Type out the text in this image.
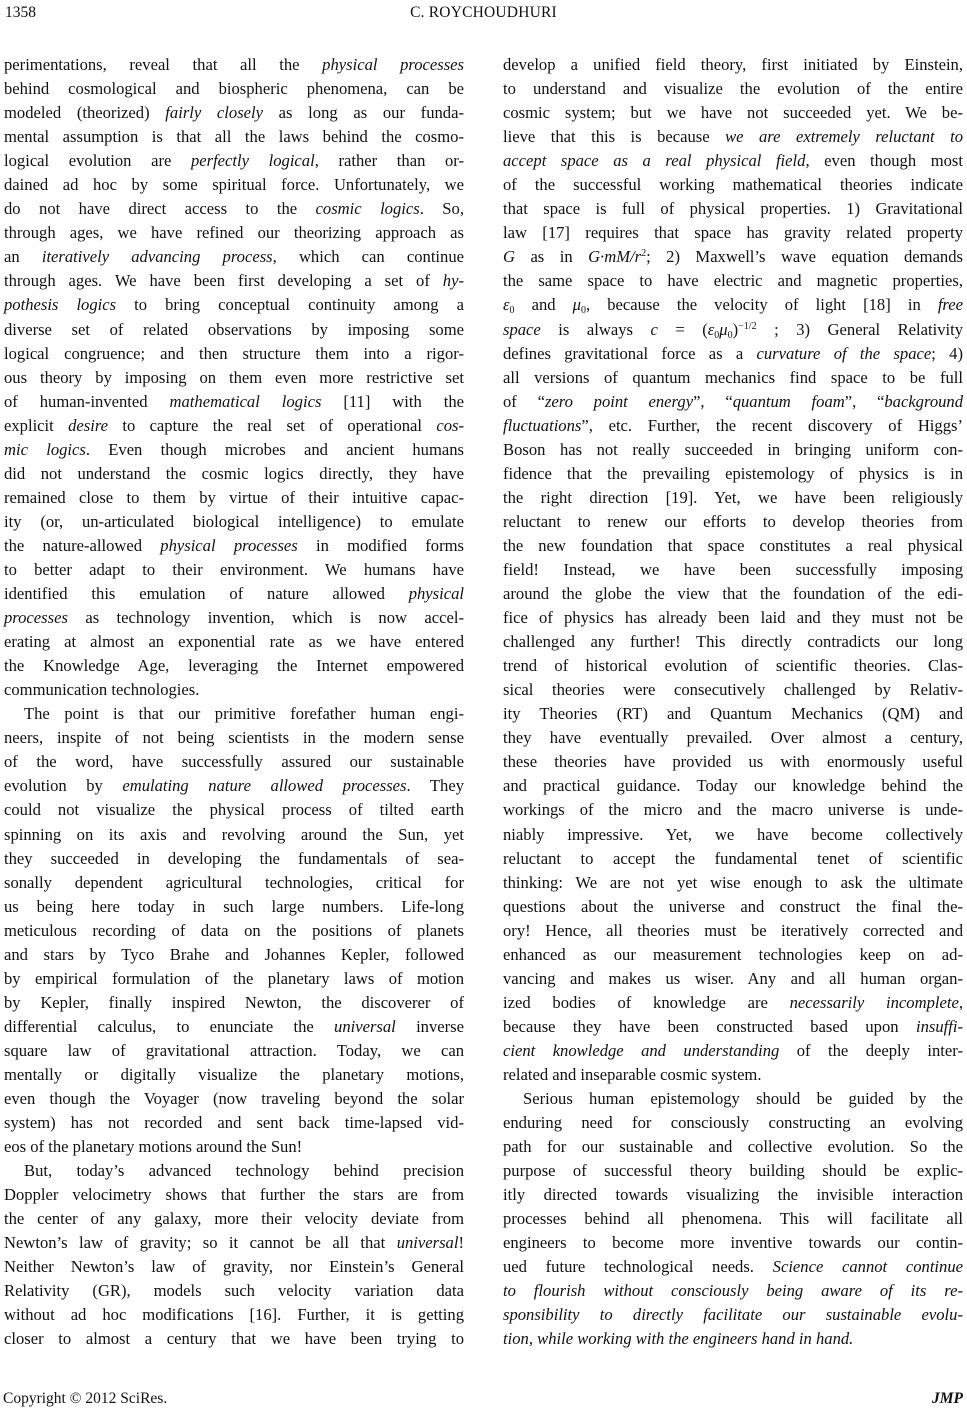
1358	C. ROYCHOUDHURI
perimentations, reveal that all the physical processes
behind cosmological and biospheric phenomena, can be
modeled (theorized) fairly closely as long as our funda-
mental assumption is that all the laws behind the cosmo-
logical evolution are perfectly logical, rather than or-
dained ad hoc by some spiritual force. Unfortunately, we
do not have direct access to the cosmic logics. So,
through ages, we have refined our theorizing approach as
an iteratively advancing process, which can continue
through ages. We have been first developing a set of hy-
pothesis logics to bring conceptual continuity among a
diverse set of related observations by imposing some
logical congruence; and then structure them into a rigor-
ous theory by imposing on them even more restrictive set
of human-invented mathematical logics [11] with the
explicit desire to capture the real set of operational cos-
mic logics. Even though microbes and ancient humans
did not understand the cosmic logics directly, they have
remained close to them by virtue of their intuitive capac-
ity (or, un-articulated biological intelligence) to emulate
the nature-allowed physical processes in modified forms
to better adapt to their environment. We humans have
identified this emulation of nature allowed physical
processes as technology invention, which is now accel-
erating at almost an exponential rate as we have entered
the Knowledge Age, leveraging the Internet empowered
communication technologies.
The point is that our primitive forefather human engi-
neers, inspite of not being scientists in the modern sense
of the word, have successfully assured our sustainable
evolution by emulating nature allowed processes. They
could not visualize the physical process of tilted earth
spinning on its axis and revolving around the Sun, yet
they succeeded in developing the fundamentals of sea-
sonally dependent agricultural technologies, critical for
us being here today in such large numbers. Life-long
meticulous recording of data on the positions of planets
and stars by Tyco Brahe and Johannes Kepler, followed
by empirical formulation of the planetary laws of motion
by Kepler, finally inspired Newton, the discoverer of
differential calculus, to enunciate the universal inverse
square law of gravitational attraction. Today, we can
mentally or digitally visualize the planetary motions,
even though the Voyager (now traveling beyond the solar
system) has not recorded and sent back time-lapsed vid-
eos of the planetary motions around the Sun!
But, today’s advanced technology behind precision
Doppler velocimetry shows that further the stars are from
the center of any galaxy, more their velocity deviate from
Newton’s law of gravity; so it cannot be all that universal!
Neither Newton’s law of gravity, nor Einstein’s General
Relativity (GR), models such velocity variation data
without ad hoc modifications [16]. Further, it is getting
closer to almost a century that we have been trying to
develop a unified field theory, first initiated by Einstein,
to understand and visualize the evolution of the entire
cosmic system; but we have not succeeded yet. We be-
lieve that this is because we are extremely reluctant to
accept space as a real physical field, even though most
of the successful working mathematical theories indicate
that space is full of physical properties. 1) Gravitational
law [17] requires that space has gravity related property
G as in $G\cdot mM/r^2$; 2) Maxwell’s wave equation demands
the same space to have electric and magnetic properties,
$\varepsilon_0$ and $\mu_0$, because the velocity of light [18] in free
space is always $c = (\varepsilon_0\mu_0)^{-1/2}$ ; 3) General Relativity
defines gravitational force as a curvature of the space; 4)
all versions of quantum mechanics find space to be full
of “zero point energy”, “quantum foam”, “background
fluctuations”, etc. Further, the recent discovery of Higgs’
Boson has not really succeeded in bringing uniform con-
fidence that the prevailing epistemology of physics is in
the right direction [19]. Yet, we have been religiously
reluctant to renew our efforts to develop theories from
the new foundation that space constitutes a real physical
field! Instead, we have been successfully imposing
around the globe the view that the foundation of the edi-
fice of physics has already been laid and they must not be
challenged any further! This directly contradicts our long
trend of historical evolution of scientific theories. Clas-
sical theories were consecutively challenged by Relativ-
ity Theories (RT) and Quantum Mechanics (QM) and
they have eventually prevailed. Over almost a century,
these theories have provided us with enormously useful
and practical guidance. Today our knowledge behind the
workings of the micro and the macro universe is unde-
niably impressive. Yet, we have become collectively
reluctant to accept the fundamental tenet of scientific
thinking: We are not yet wise enough to ask the ultimate
questions about the universe and construct the final the-
ory! Hence, all theories must be iteratively corrected and
enhanced as our measurement technologies keep on ad-
vancing and makes us wiser. Any and all human organ-
ized bodies of knowledge are necessarily incomplete,
because they have been constructed based upon insuffi-
cient knowledge and understanding of the deeply inter-
related and inseparable cosmic system.
Serious human epistemology should be guided by the
enduring need for consciously constructing an evolving
path for our sustainable and collective evolution. So the
purpose of successful theory building should be explic-
itly directed towards visualizing the invisible interaction
processes behind all phenomena. This will facilitate all
engineers to become more inventive towards our contin-
ued future technological needs. Science cannot continue
to flourish without consciously being aware of its re-
sponsibility to directly facilitate our sustainable evolu-
tion, while working with the engineers hand in hand.
Copyright © 2012 SciRes.	JMP
